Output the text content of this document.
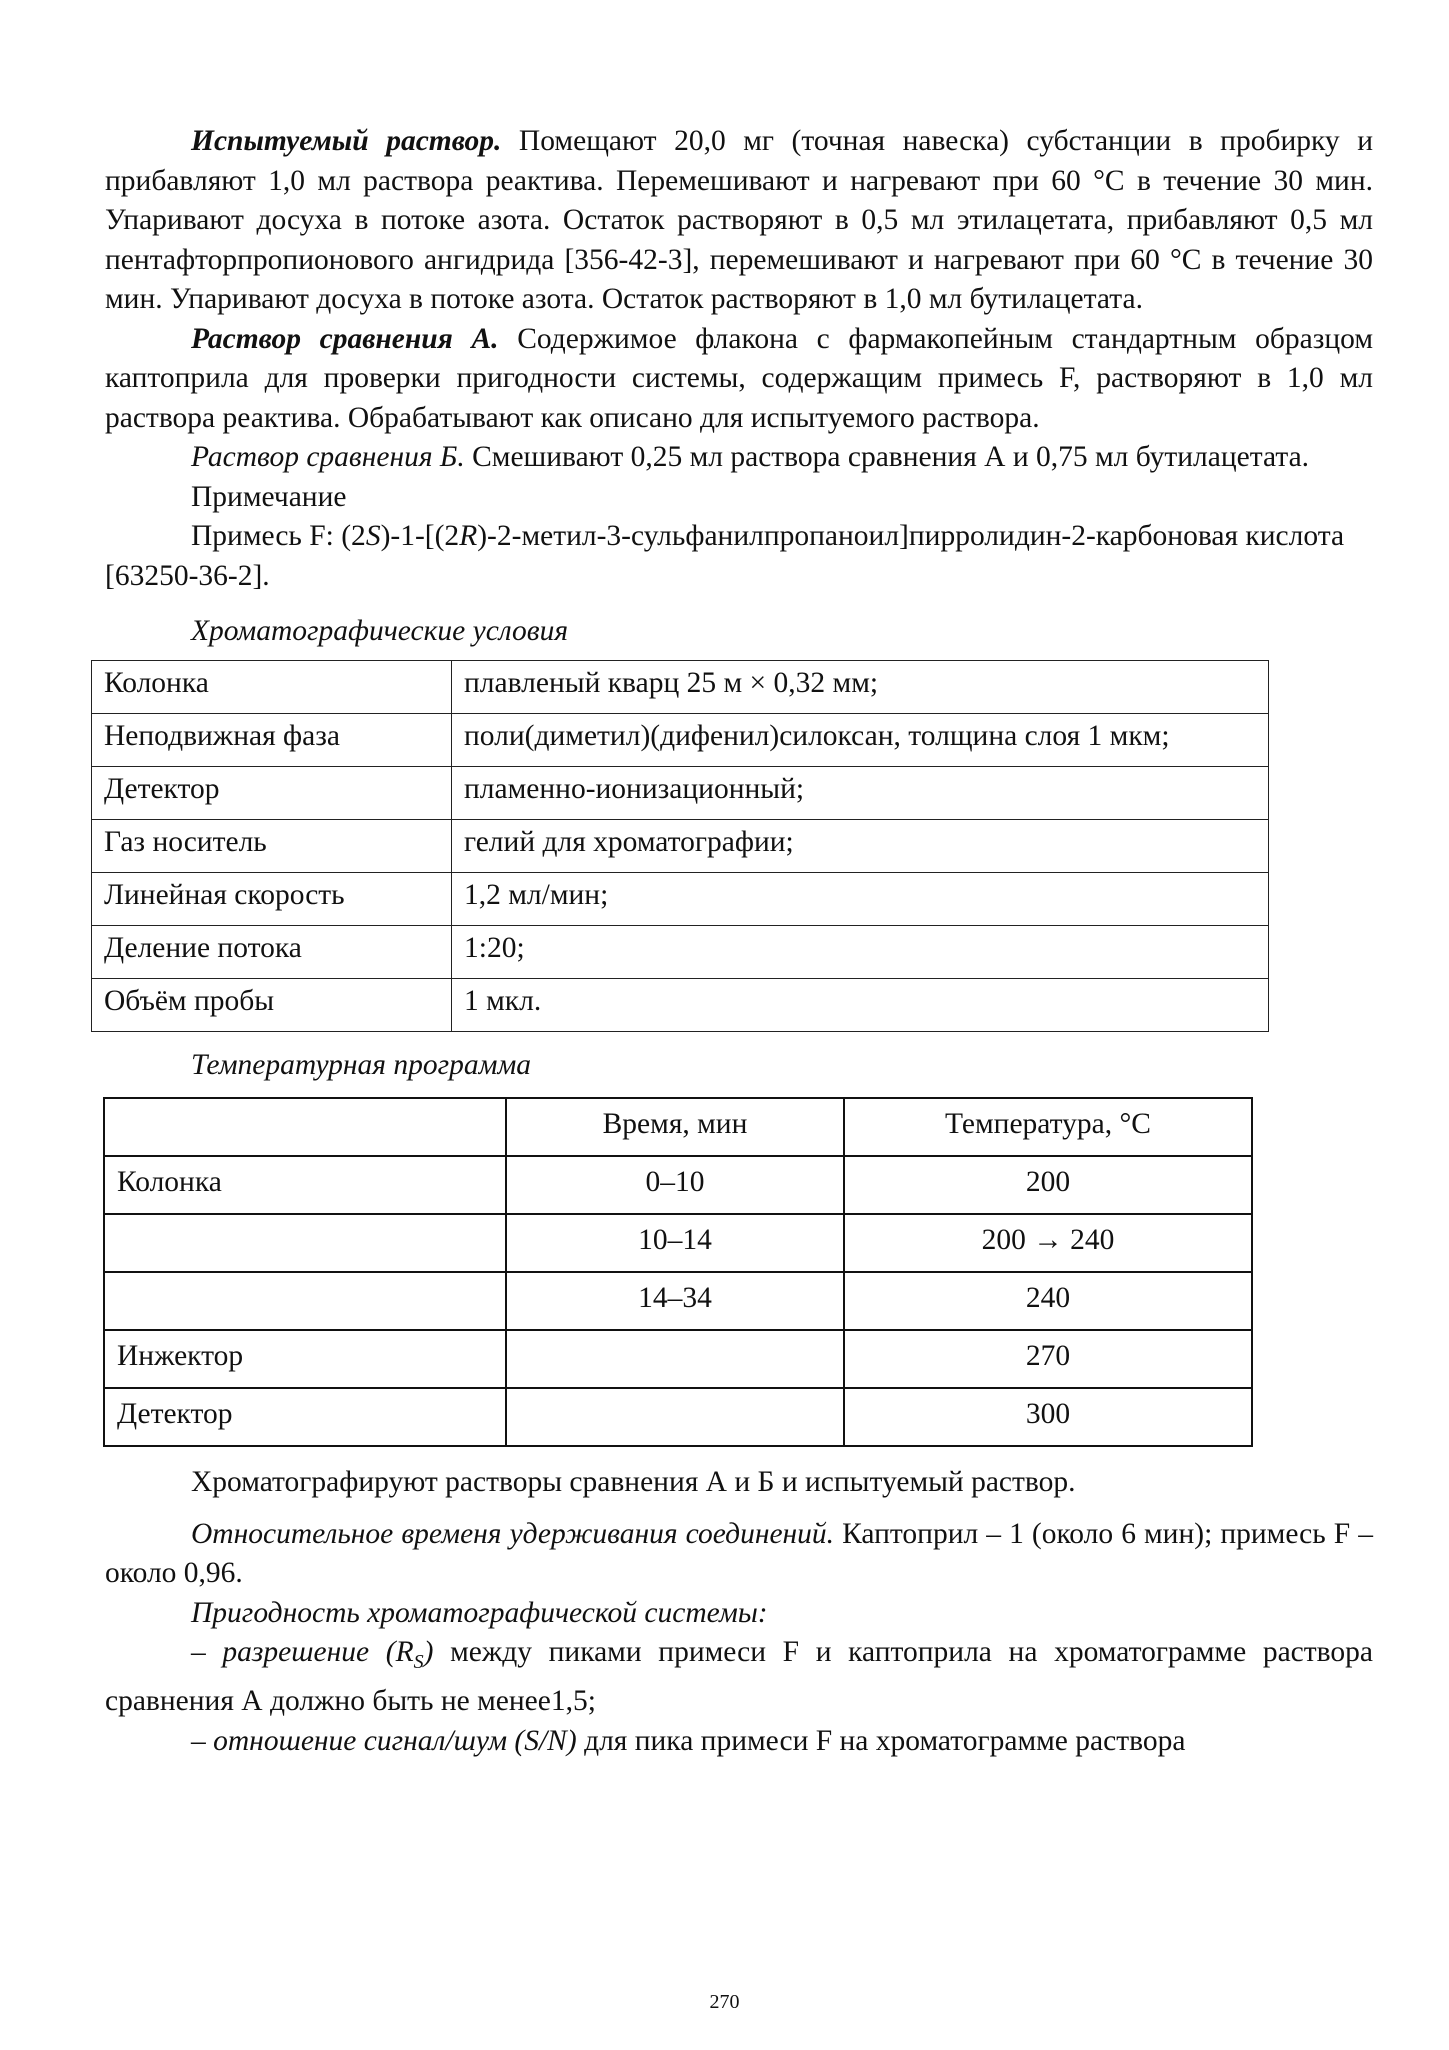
Испытуемый раствор. Помещают 20,0 мг (точная навеска) субстанции в пробирку и прибавляют 1,0 мл раствора реактива. Перемешивают и нагревают при 60 °C в течение 30 мин. Упаривают досуха в потоке азота. Остаток растворяют в 0,5 мл этилацетата, прибавляют 0,5 мл пентафторпропионового ангидрида [356-42-3], перемешивают и нагревают при 60 °C в течение 30 мин. Упаривают досуха в потоке азота. Остаток растворяют в 1,0 мл бутилацетата.

Раствор сравнения А. Содержимое флакона с фармакопейным стандартным образцом каптоприла для проверки пригодности системы, содержащим примесь F, растворяют в 1,0 мл раствора реактива. Обрабатывают как описано для испытуемого раствора.

Раствор сравнения Б. Смешивают 0,25 мл раствора сравнения А и 0,75 мл бутилацетата.

Примечание

Примесь F: (2S)-1-[(2R)-2-метил-3-сульфанилпропаноил]пирролидин-2-карбоновая кислота [63250-36-2].

Хроматографические условия

Колонка	плавленый кварц 25 м × 0,32 мм;
Неподвижная фаза	поли(диметил)(дифенил)силоксан, толщина слоя 1 мкм;
Детектор	пламенно-ионизационный;
Газ носитель	гелий для хроматографии;
Линейная скорость	1,2 мл/мин;
Деление потока	1:20;
Объём пробы	1 мкл.

Температурная программа

	Время, мин	Температура, °C
Колонка	0–10	200
	10–14	200 → 240
	14–34	240
Инжектор		270
Детектор		300

Хроматографируют растворы сравнения А и Б и испытуемый раствор.

Относительное временя удерживания соединений. Каптоприл – 1 (около 6 мин); примесь F – около 0,96.

Пригодность хроматографической системы:

– разрешение $(R_S)$ между пиками примеси F и каптоприла на хроматограмме раствора сравнения А должно быть не менее1,5;

– отношение сигнал/шум (S/N) для пика примеси F на хроматограмме раствора

270
